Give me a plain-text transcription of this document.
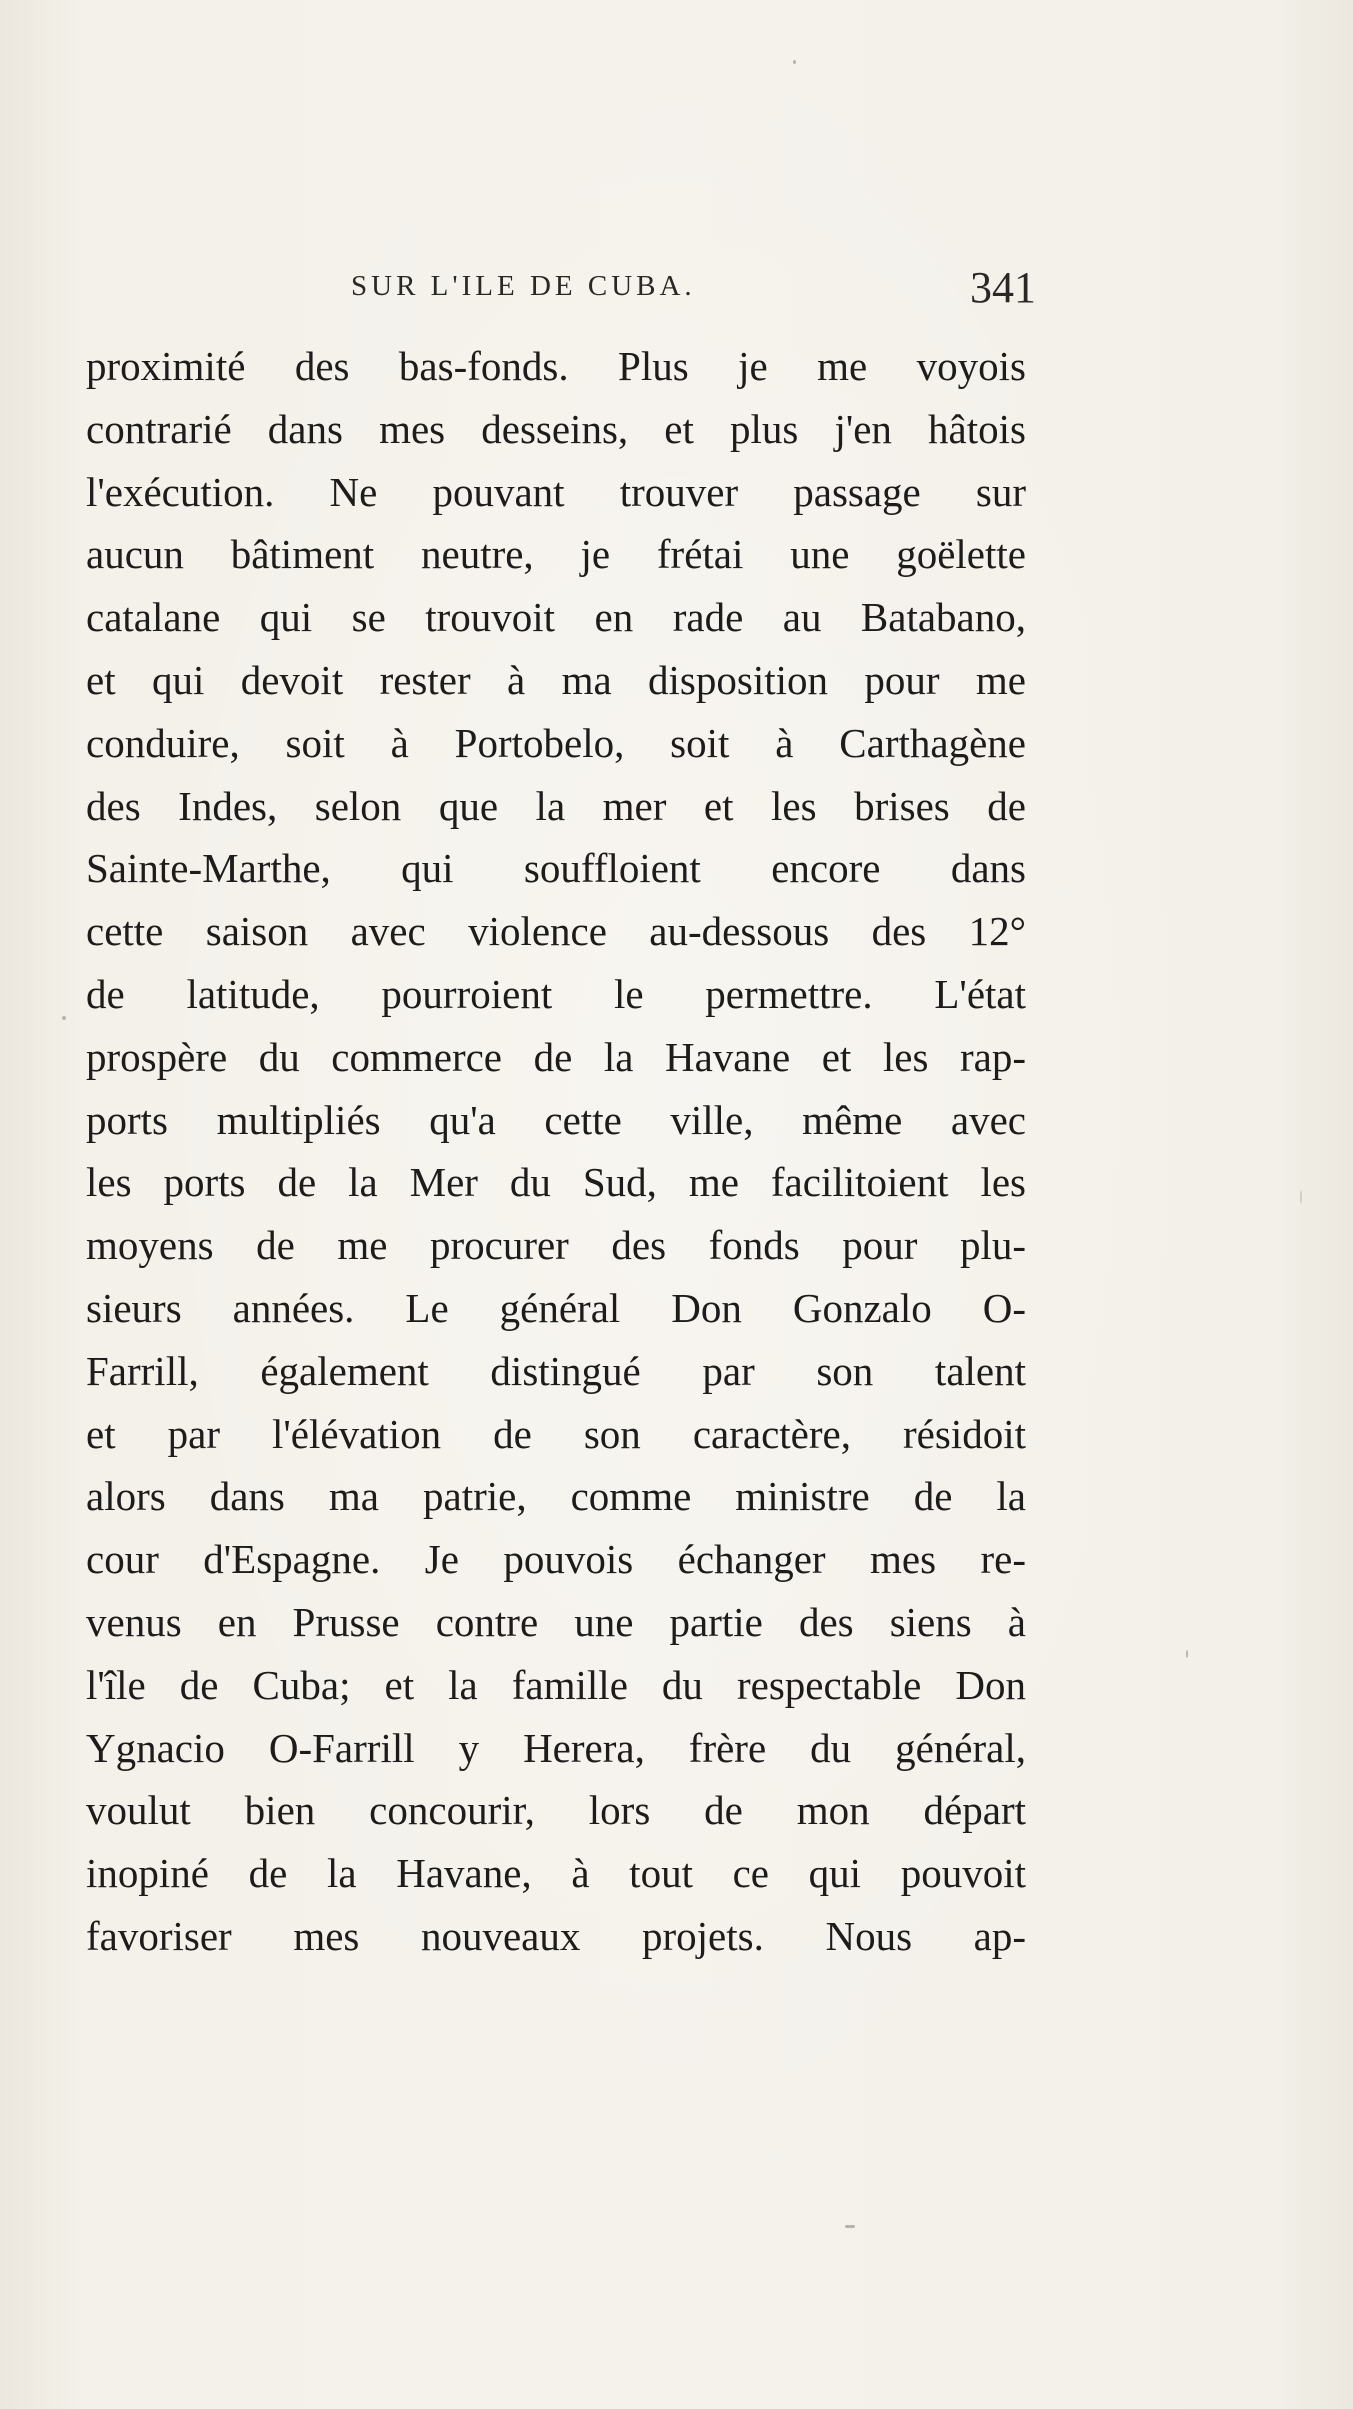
SUR L'ILE DE CUBA.	341
proximité des bas-fonds. Plus je me voyois
contrarié dans mes desseins, et plus j'en hâtois
l'exécution. Ne pouvant trouver passage sur
aucun bâtiment neutre, je frétai une goëlette
catalane qui se trouvoit en rade au Batabano,
et qui devoit rester à ma disposition pour me
conduire, soit à Portobelo, soit à Carthagène
des Indes, selon que la mer et les brises de
Sainte-Marthe, qui souffloient encore dans
cette saison avec violence au-dessous des 12°
de latitude, pourroient le permettre. L'état
prospère du commerce de la Havane et les rap-
ports multipliés qu'a cette ville, même avec
les ports de la Mer du Sud, me facilitoient les
moyens de me procurer des fonds pour plu-
sieurs années. Le général Don Gonzalo O-
Farrill, également distingué par son talent
et par l'élévation de son caractère, résidoit
alors dans ma patrie, comme ministre de la
cour d'Espagne. Je pouvois échanger mes re-
venus en Prusse contre une partie des siens à
l'île de Cuba; et la famille du respectable Don
Ygnacio O-Farrill y Herera, frère du général,
voulut bien concourir, lors de mon départ
inopiné de la Havane, à tout ce qui pouvoit
favoriser mes nouveaux projets. Nous ap-
